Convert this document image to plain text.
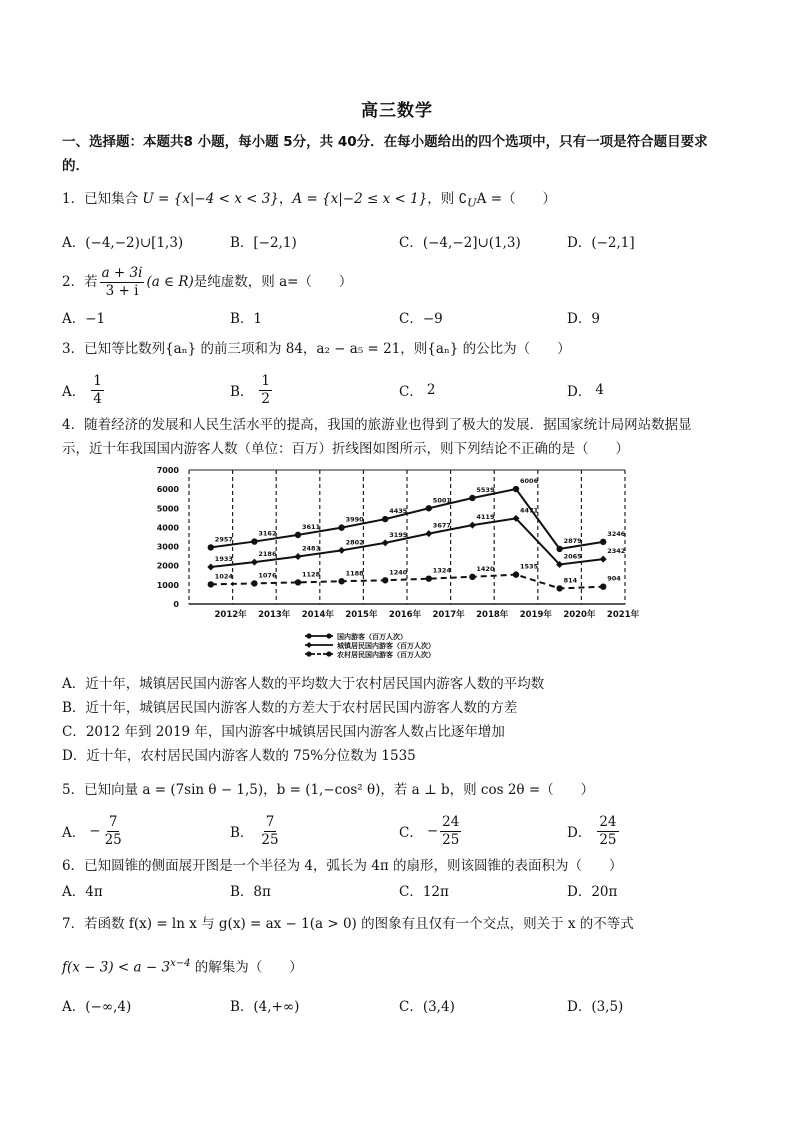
高三数学
一、选择题：本题共8 小题，每小题 5分，共 40分．在每小题给出的四个选项中，只有一项是符合题目要求的．
1．已知集合 U = {x|−4 < x < 3}，A = {x|−2 ≤ x < 1}，则 $∁_UA$ =（　　）
A．(−4,−2)∪[1,3)	B．[−2,1)	C．(−4,−2]∪(1,3)	D．(−2,1]
2．若 $\frac{a + 3i}{3 + i} (a$ ∈ R) 是纯虚数，则 a=（　　）
A．−1	B．1	C．−9	D．9
3．已知等比数列{aₙ} 的前三项和为 84，a₂ − a₅ = 21，则{aₙ} 的公比为（　　）
A． $\frac{1}{4}$	B． $\frac{1}{2}$	C． 2	D． 4
4．随着经济的发展和人民生活水平的提高，我国的旅游业也得到了极大的发展．据国家统计局网站数据显
示，近十年我国国内游客人数（单位：百万）折线图如图所示，则下列结论不正确的是（　　）
0
1000
2000
3000
4000
5000
6000
7000
2012年 2013年 2014年 2015年 2016年 2017年 2018年 2019年 2020年 2021年
2957
3162
3611
3990
4435
5001
5539
6006
2879
3246
1933
2186
2483
2802
3195
3677
4119
4471
2065
2342
1024	1076	1128	1188	1240	1324	1420	1535
814	904
国内游客（百万人次）
城镇居民国内游客（百万人次）
农村居民国内游客（百万人次）
A．近十年，城镇居民国内游客人数的平均数大于农村居民国内游客人数的平均数
B．近十年，城镇居民国内游客人数的方差大于农村居民国内游客人数的方差
C．2012 年到 2019 年，国内游客中城镇居民国内游客人数占比逐年增加
D．近十年，农村居民国内游客人数的 75%分位数为 1535
5．已知向量 a = (7sin θ − 1,5)，b = (1,−cos² θ)，若 a ⊥ b，则 cos 2θ =（　　）
A． − $\frac{7}{25}$	B． $\frac{7}{25}$	C． − $\frac{24}{25}$	D． $\frac{24}{25}$
6．已知圆锥的侧面展开图是一个半径为 4，弧长为 4π 的扇形，则该圆锥的表面积为（　　）
A．4π	B．8π	C．12π	D．20π
7．若函数 f(x) = ln x 与 g(x) = ax − 1(a > 0) 的图象有且仅有一个交点，则关于 x 的不等式
$f(x - 3) < a - 3^{x-4}$ 的解集为（　　）
A．(−∞,4)	B．(4,+∞)	C．(3,4)	D．(3,5)
